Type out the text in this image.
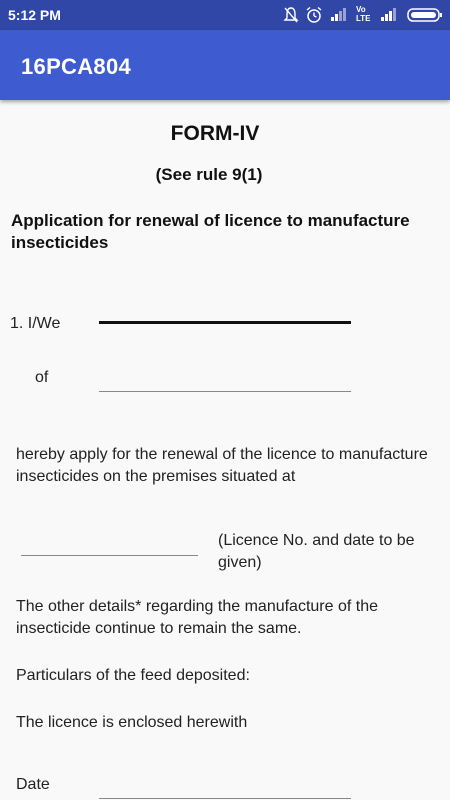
5:12 PM	Vo LTE
16PCA804
FORM-IV
(See rule 9(1)
Application for renewal of licence to manufacture insecticides
1. I/We
of
hereby apply for the renewal of the licence to manufacture insecticides on the premises situated at
(Licence No. and date to be given)
The other details* regarding the manufacture of the insecticide continue to remain the same.
Particulars of the feed deposited:
The licence is enclosed herewith
Date
